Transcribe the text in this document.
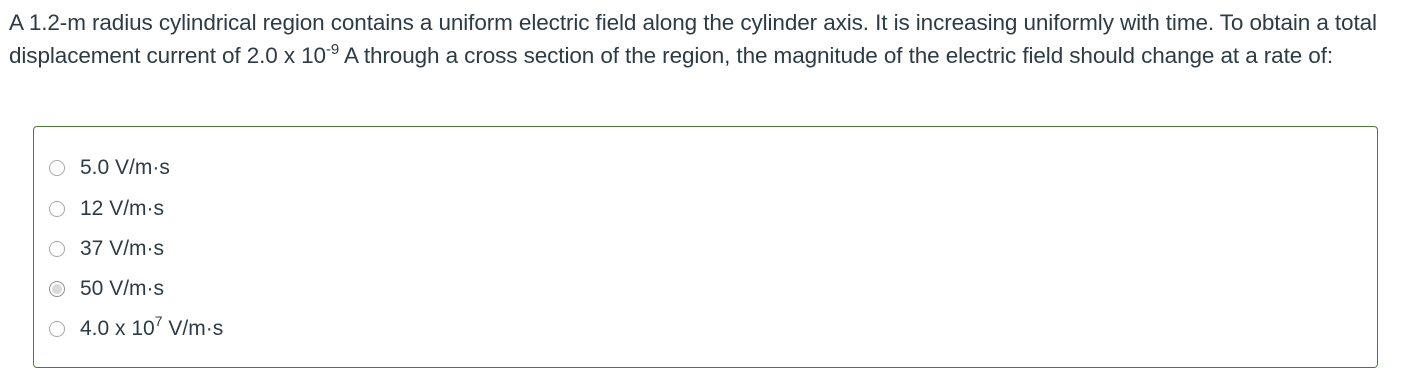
A 1.2-m radius cylindrical region contains a uniform electric field along the cylinder axis. It is increasing uniformly with time. To obtain a total displacement current of 2.0 x $10^{-9}$ A through a cross section of the region, the magnitude of the electric field should change at a rate of:

5.0 V/m·s
12 V/m·s
37 V/m·s
50 V/m·s
4.0 x $10^7$ V/m·s
